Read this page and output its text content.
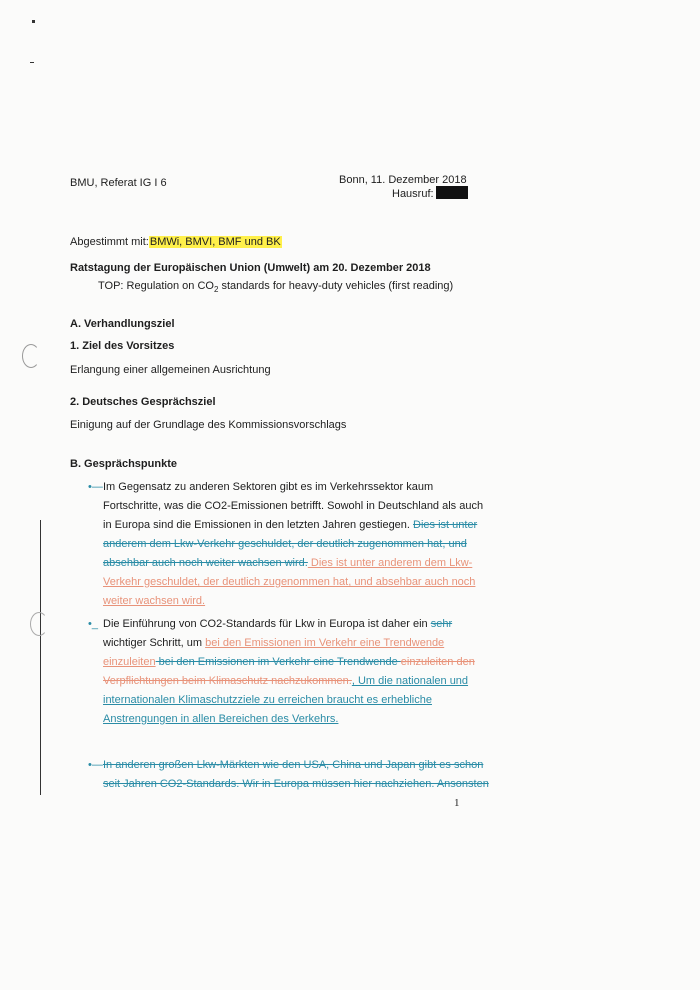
BMU, Referat IG I 6	Bonn, 11. Dezember 2018
Hausruf:
Abgestimmt mit:BMWi, BMVI, BMF und BK
Ratstagung der Europäischen Union (Umwelt) am 20. Dezember 2018
TOP: Regulation on $CO_2$ standards for heavy-duty vehicles (first reading)
A. Verhandlungsziel
1. Ziel des Vorsitzes
Erlangung einer allgemeinen Ausrichtung
2. Deutsches Gesprächsziel
Einigung auf der Grundlage des Kommissionsvorschlags
B. Gesprächspunkte
•— Im Gegensatz zu anderen Sektoren gibt es im Verkehrssektor kaum
Fortschritte, was die CO2-Emissionen betrifft. Sowohl in Deutschland als auch
in Europa sind die Emissionen in den letzten Jahren gestiegen. Dies ist unter
anderem dem Lkw-Verkehr geschuldet, der deutlich zugenommen hat, und
absehbar auch noch weiter wachsen wird. Dies ist unter anderem dem Lkw-
Verkehr geschuldet, der deutlich zugenommen hat, und absehbar auch noch
weiter wachsen wird.
•_ Die Einführung von CO2-Standards für Lkw in Europa ist daher ein sehr
wichtiger Schritt, um bei den Emissionen im Verkehr eine Trendwende
einzuleiten bei den Emissionen im Verkehr eine Trendwende einzuleiten den
Verpflichtungen beim Klimaschutz nachzukommen., Um die nationalen und
internationalen Klimaschutzziele zu erreichen braucht es erhebliche
Anstrengungen in allen Bereichen des Verkehrs.
•— In anderen großen Lkw-Märkten wie den USA, China und Japan gibt es schon
seit Jahren CO2-Standards. Wir in Europa müssen hier nachziehen. Ansonsten
1
